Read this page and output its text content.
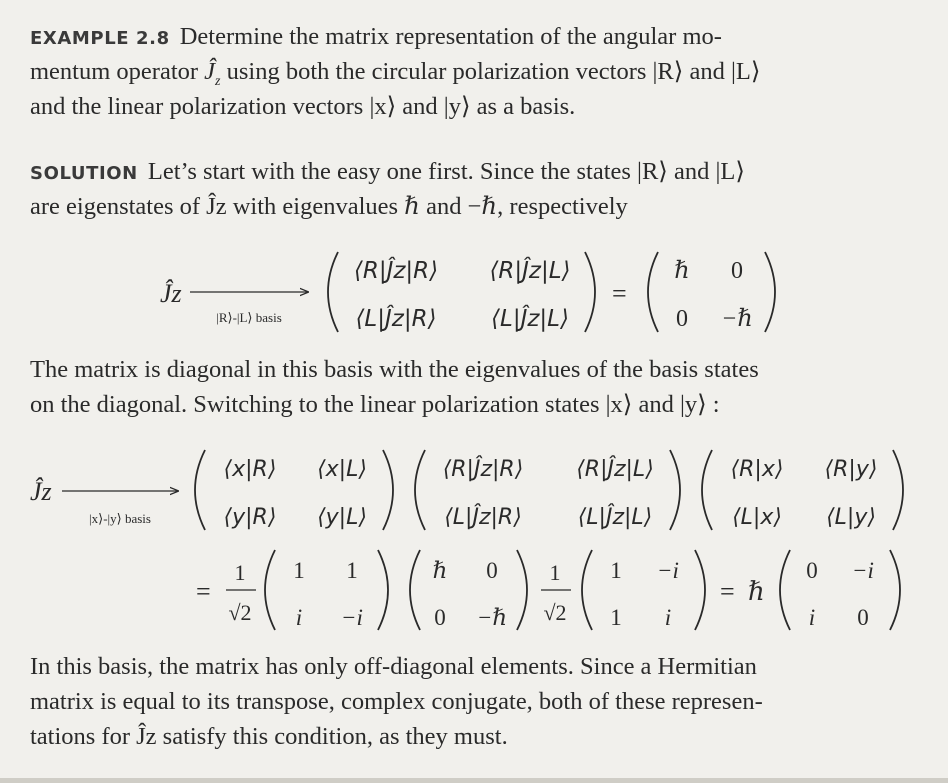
EXAMPLE 2.8 Determine the matrix representation of the angular mo-

mentum operator $Ĵ_z$ using both the circular polarization vectors |R⟩ and |L⟩

and the linear polarization vectors |x⟩ and |y⟩ as a basis.

SOLUTION Let’s start with the easy one first. Since the states |R⟩ and |L⟩

are eigenstates of Ĵz with eigenvalues ℏ and −ℏ, respectively

The matrix is diagonal in this basis with the eigenvalues of the basis states

on the diagonal. Switching to the linear polarization states |x⟩ and |y⟩ :

In this basis, the matrix has only off-diagonal elements. Since a Hermitian

matrix is equal to its transpose, complex conjugate, both of these represen-

tations for Ĵz satisfy this condition, as they must.

Ĵz
|R⟩-|L⟩ basis
⟨R|Ĵz|R⟩ ⟨R|Ĵz|L⟩
⟨L|Ĵz|R⟩ ⟨L|Ĵz|L⟩
=
ℏ 0
0 −ℏ
Ĵz
|x⟩-|y⟩ basis
⟨x|R⟩ ⟨x|L⟩
⟨y|R⟩ ⟨y|L⟩
⟨R|Ĵz|R⟩ ⟨R|Ĵz|L⟩
⟨L|Ĵz|R⟩	⟨L|Ĵz|L⟩
⟨R|x⟩ ⟨R|y⟩
⟨L|x⟩ ⟨L|y⟩
=
1
√2
1 1
i −i
ℏ 0
0 −ℏ
1
√2
1 −i
1 i
= ℏ
0 −i
i 0
